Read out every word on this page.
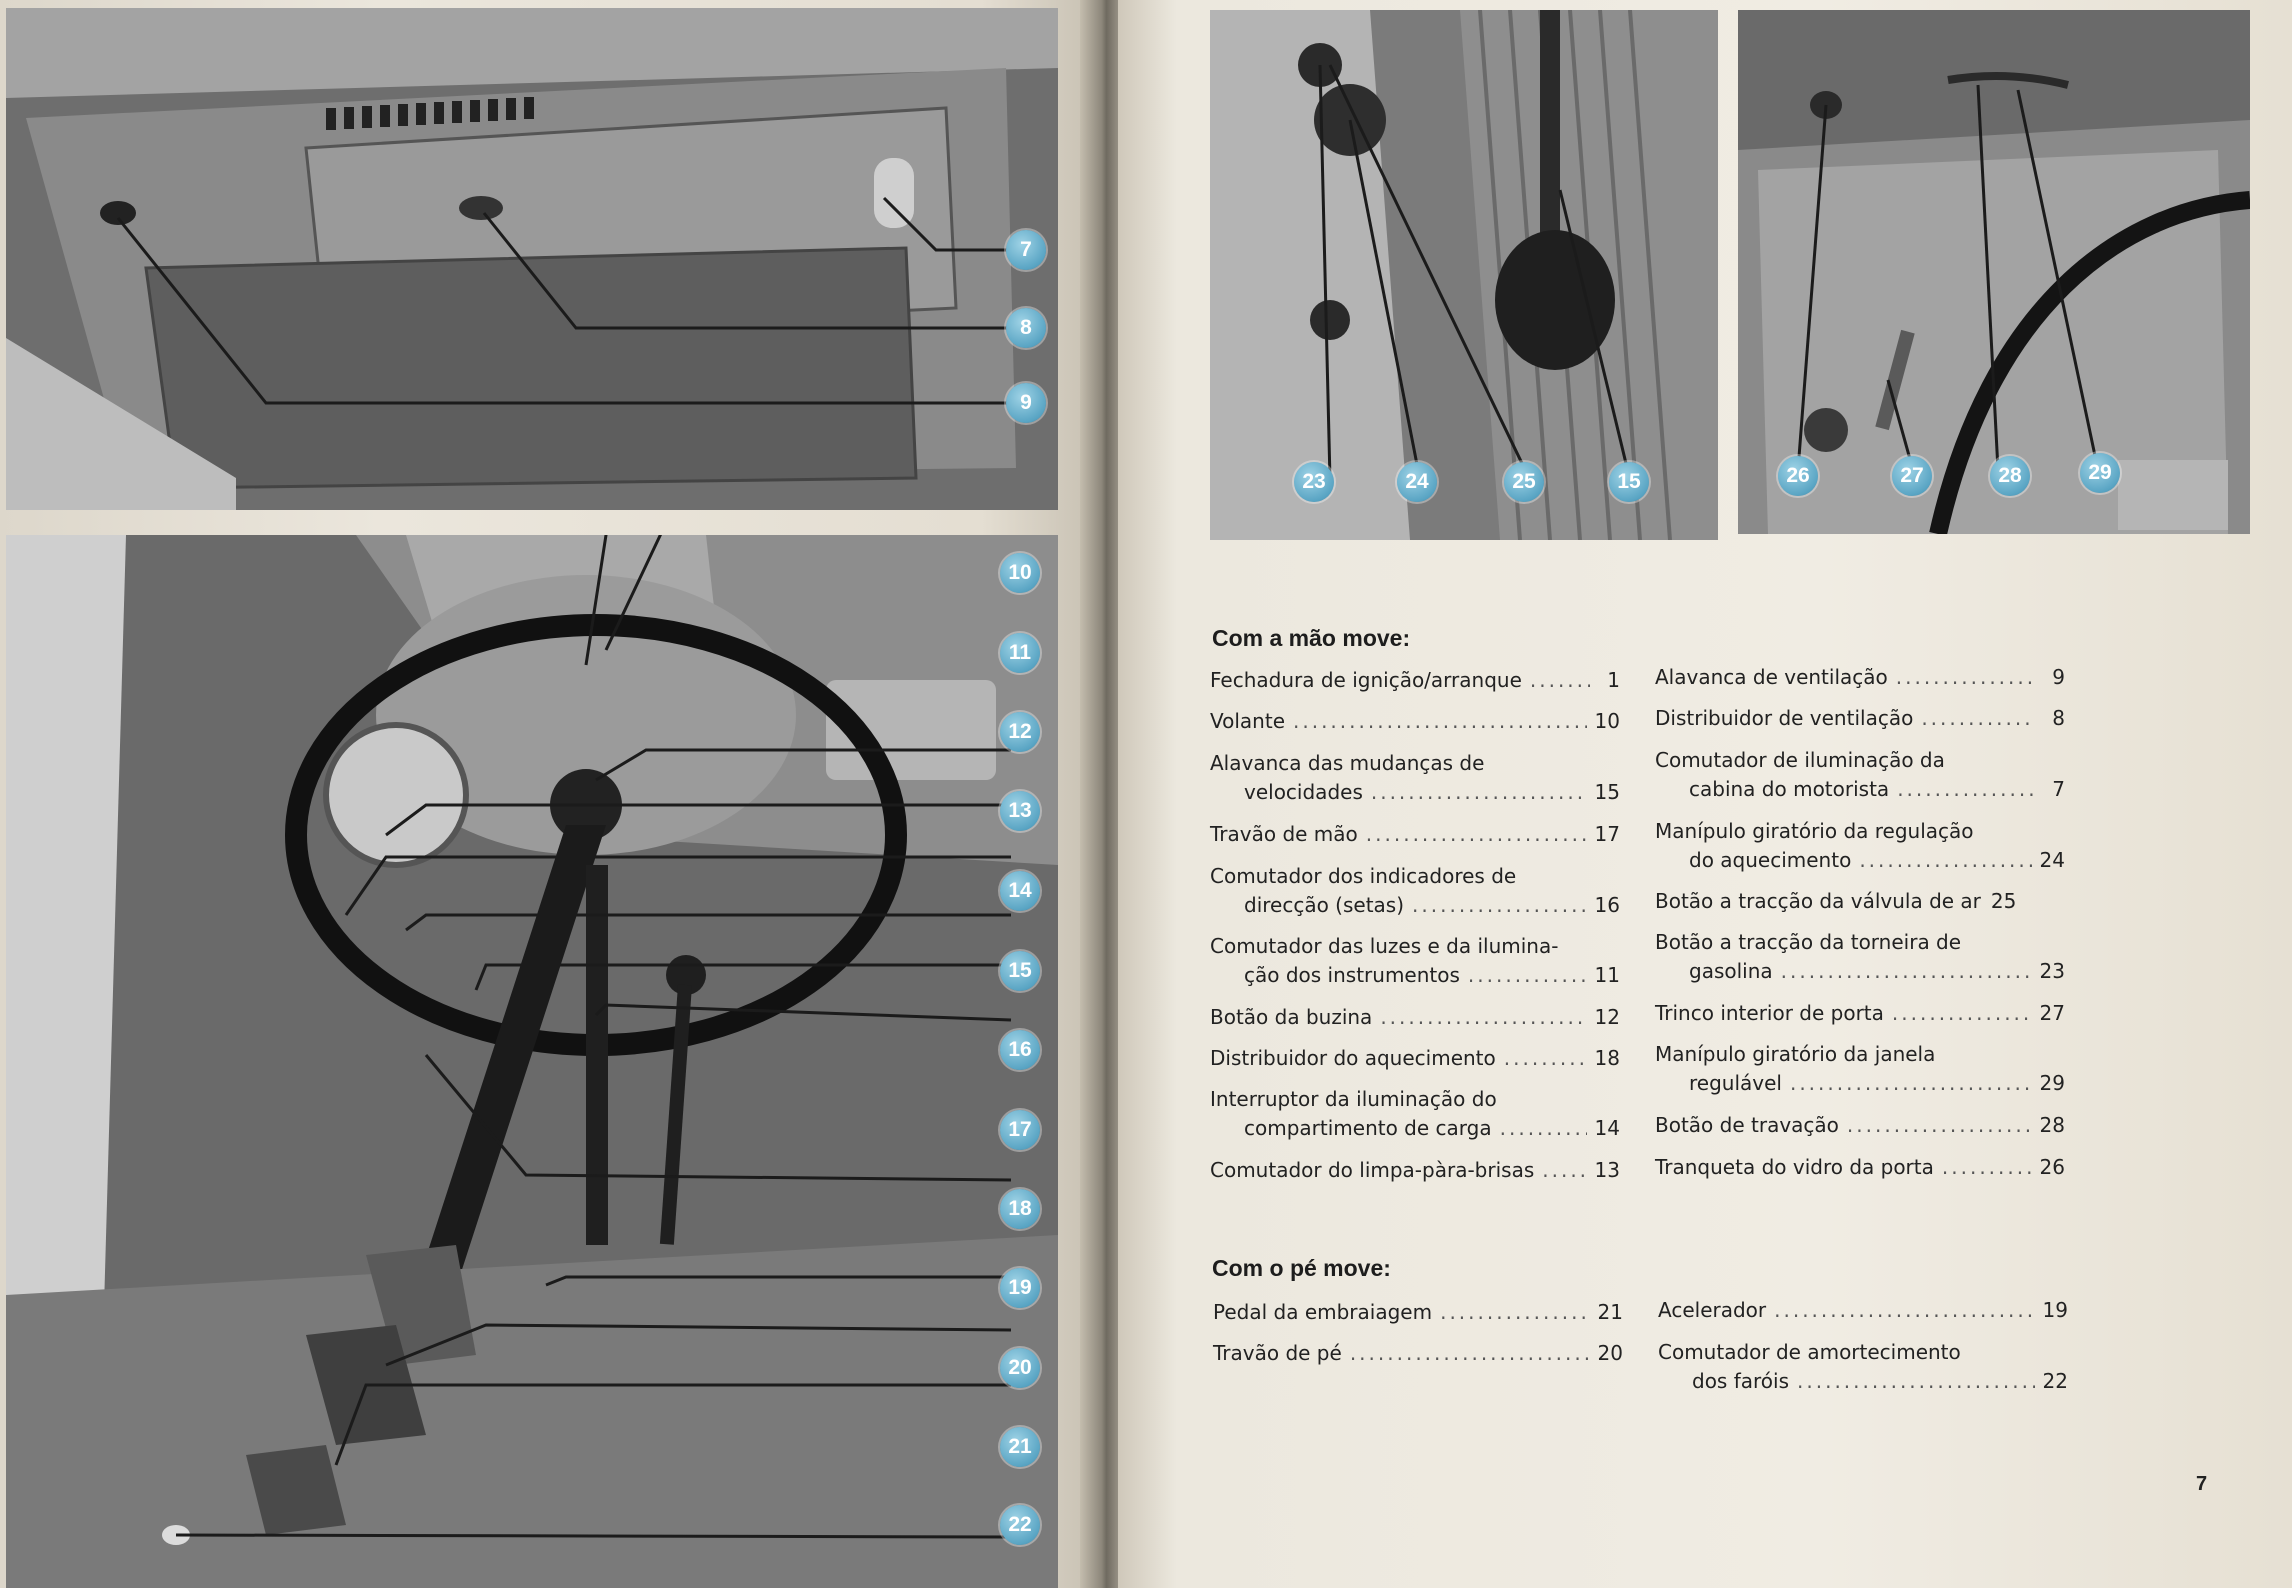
7
8
9
10
11
12
13
14
15
16
17
18
19
20
21
22
23	24	25	15	26	27	28	29
Com a mão move:
Fechadura de ignição/arranque .....	1
Volante .....	10
Alavanca das mudanças de
velocidades .....	15
Travão de mão .....	17
Comutador dos indicadores de
direcção (setas) .....	16
Comutador das luzes e da ilumina-
ção dos instrumentos .....	11
Botão da buzina .....	12
Distribuidor do aquecimento .....	18
Interruptor da iluminação do
compartimento de carga .....	14
Comutador do limpa-pàra-brisas .....	13
Alavanca de ventilação .....	9
Distribuidor de ventilação .....	8
Comutador de iluminação da
cabina do motorista .....	7
Manípulo giratório da regulação
do aquecimento .....	24
Botão a tracção da válvula de ar 25
Botão a tracção da torneira de
gasolina .....	23
Trinco interior de porta .....	27
Manípulo giratório da janela
regulável .....	29
Botão de travação .....	28
Tranqueta do vidro da porta .....	26
Com o pé move:
Pedal da embraiagem .....	21
Travão de pé .....	20
Acelerador .....	19
Comutador de amortecimento
dos faróis .....	22
7
